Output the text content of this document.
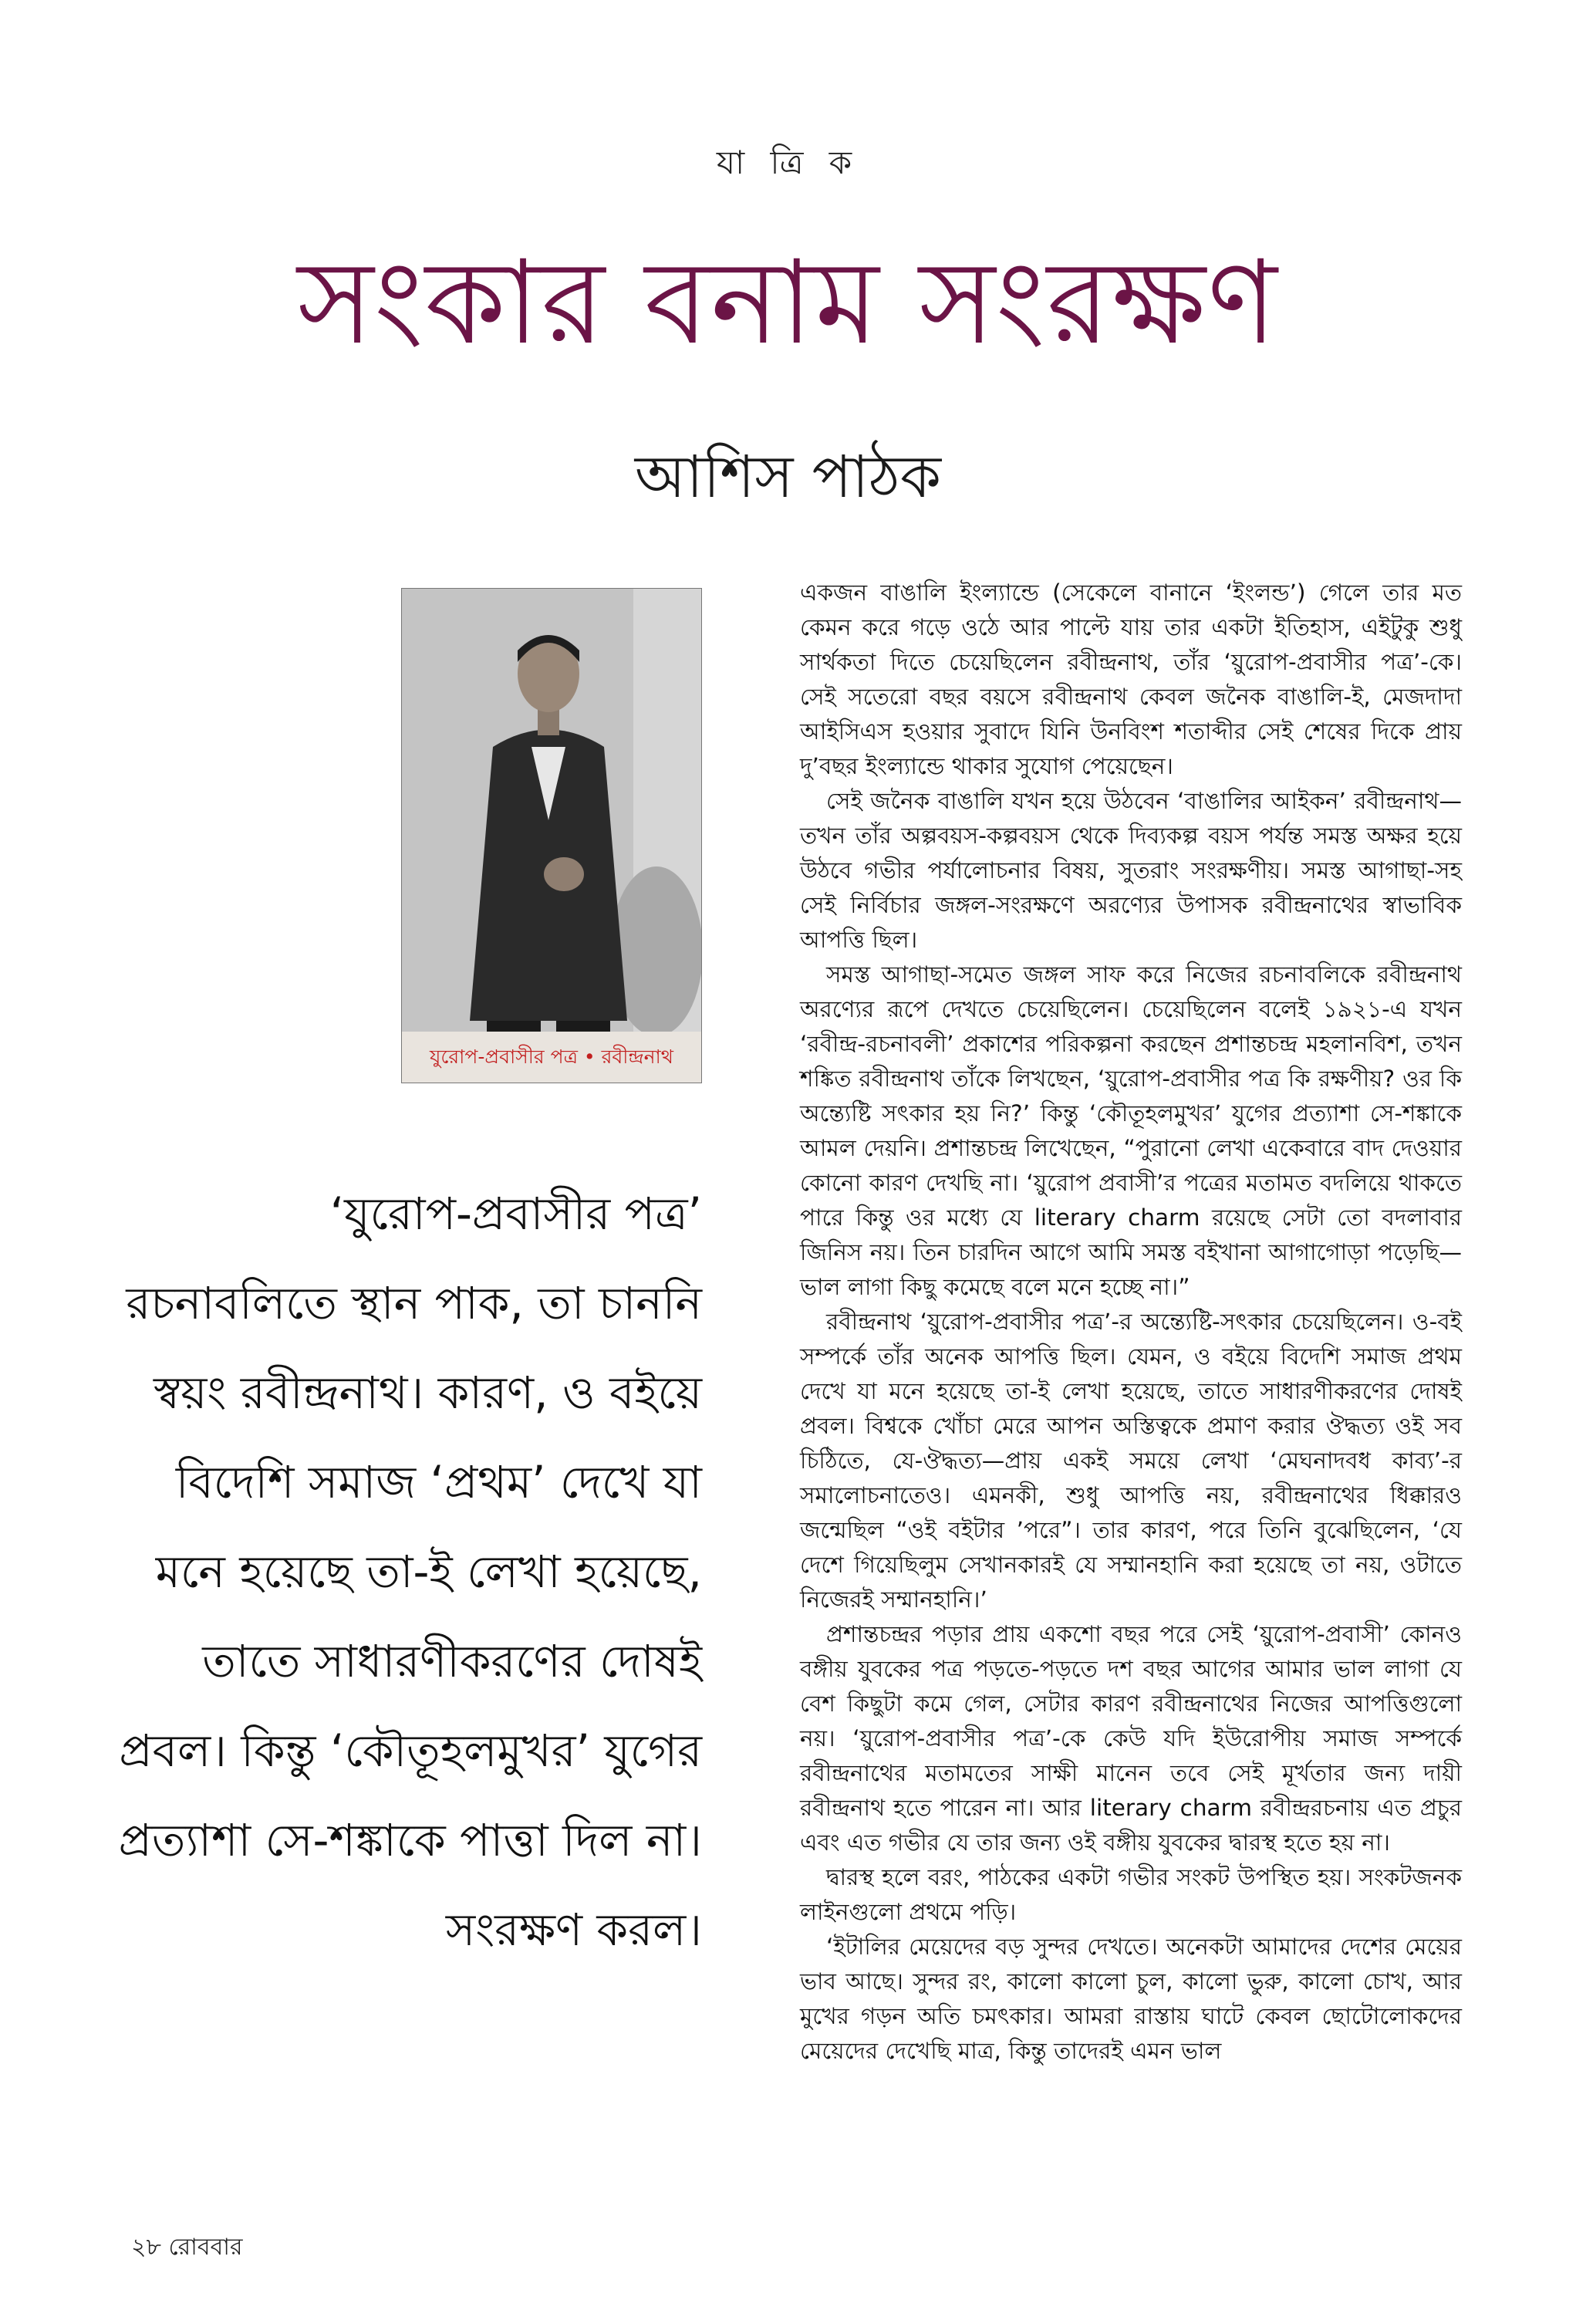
যা ত্রি ক
সংকার বনাম সংরক্ষণ
আশিস পাঠক
যুরোপ-প্রবাসীর পত্র • রবীন্দ্রনাথ

‘যুরোপ-প্রবাসীর পত্র’ রচনাবলিতে স্থান পাক, তা চাননি স্বয়ং রবীন্দ্রনাথ। কারণ, ও বইয়ে বিদেশি সমাজ ‘প্রথম’ দেখে যা মনে হয়েছে তা-ই লেখা হয়েছে, তাতে সাধারণীকরণের দোষই প্রবল। কিন্তু ‘কৌতূহলমুখর’ যুগের প্রত্যাশা সে-শঙ্কাকে পাত্তা দিল না। সংরক্ষণ করল।

একজন বাঙালি ইংল্যান্ডে (সেকেলে বানানে ‘ইংলন্ড’) গেলে তার মত কেমন করে গড়ে ওঠে আর পাল্টে যায় তার একটা ইতিহাস, এইটুকু শুধু সার্থকতা দিতে চেয়েছিলেন রবীন্দ্রনাথ, তাঁর ‘য়ুরোপ-প্রবাসীর পত্র’-কে। সেই সতেরো বছর বয়সে রবীন্দ্রনাথ কেবল জনৈক বাঙালি-ই, মেজদাদা আইসিএস হওয়ার সুবাদে যিনি উনবিংশ শতাব্দীর সেই শেষের দিকে প্রায় দু’বছর ইংল্যান্ডে থাকার সুযোগ পেয়েছেন।

সেই জনৈক বাঙালি যখন হয়ে উঠবেন ‘বাঙালির আইকন’ রবীন্দ্রনাথ—তখন তাঁর অল্পবয়স-কল্পবয়স থেকে দিব্যকল্প বয়স পর্যন্ত সমস্ত অক্ষর হয়ে উঠবে গভীর পর্যালোচনার বিষয়, সুতরাং সংরক্ষণীয়। সমস্ত আগাছা-সহ সেই নির্বিচার জঙ্গল-সংরক্ষণে অরণ্যের উপাসক রবীন্দ্রনাথের স্বাভাবিক আপত্তি ছিল।

সমস্ত আগাছা-সমেত জঙ্গল সাফ করে নিজের রচনাবলিকে রবীন্দ্রনাথ অরণ্যের রূপে দেখতে চেয়েছিলেন। চেয়েছিলেন বলেই ১৯২১-এ যখন ‘রবীন্দ্র-রচনাবলী’ প্রকাশের পরিকল্পনা করছেন প্রশান্তচন্দ্র মহলানবিশ, তখন শঙ্কিত রবীন্দ্রনাথ তাঁকে লিখছেন, ‘য়ুরোপ-প্রবাসীর পত্র কি রক্ষণীয়? ওর কি অন্ত্যেষ্টি সৎকার হয় নি?’ কিন্তু ‘কৌতূহলমুখর’ যুগের প্রত্যাশা সে-শঙ্কাকে আমল দেয়নি। প্রশান্তচন্দ্র লিখেছেন, “পুরানো লেখা একেবারে বাদ দেওয়ার কোনো কারণ দেখছি না। ‘য়ুরোপ প্রবাসী’র পত্রের মতামত বদলিয়ে থাকতে পারে কিন্তু ওর মধ্যে যে literary charm রয়েছে সেটা তো বদলাবার জিনিস নয়। তিন চারদিন আগে আমি সমস্ত বইখানা আগাগোড়া পড়েছি—ভাল লাগা কিছু কমেছে বলে মনে হচ্ছে না।”

রবীন্দ্রনাথ ‘য়ুরোপ-প্রবাসীর পত্র’-র অন্ত্যেষ্টি-সৎকার চেয়েছিলেন। ও-বই সম্পর্কে তাঁর অনেক আপত্তি ছিল। যেমন, ও বইয়ে বিদেশি সমাজ প্রথম দেখে যা মনে হয়েছে তা-ই লেখা হয়েছে, তাতে সাধারণীকরণের দোষই প্রবল। বিশ্বকে খোঁচা মেরে আপন অস্তিত্বকে প্রমাণ করার ঔদ্ধত্য ওই সব চিঠিতে, যে-ঔদ্ধত্য—প্রায় একই সময়ে লেখা ‘মেঘনাদবধ কাব্য’-র সমালোচনাতেও। এমনকী, শুধু আপত্তি নয়, রবীন্দ্রনাথের ধিক্কারও জন্মেছিল “ওই বইটার ’পরে”। তার কারণ, পরে তিনি বুঝেছিলেন, ‘যে দেশে গিয়েছিলুম সেখানকারই যে সম্মানহানি করা হয়েছে তা নয়, ওটাতে নিজেরই সম্মানহানি।’

প্রশান্তচন্দ্রর পড়ার প্রায় একশো বছর পরে সেই ‘য়ুরোপ-প্রবাসী’ কোনও বঙ্গীয় যুবকের পত্র পড়তে-পড়তে দশ বছর আগের আমার ভাল লাগা যে বেশ কিছুটা কমে গেল, সেটার কারণ রবীন্দ্রনাথের নিজের আপত্তিগুলো নয়। ‘য়ুরোপ-প্রবাসীর পত্র’-কে কেউ যদি ইউরোপীয় সমাজ সম্পর্কে রবীন্দ্রনাথের মতামতের সাক্ষী মানেন তবে সেই মূর্খতার জন্য দায়ী রবীন্দ্রনাথ হতে পারেন না। আর literary charm রবীন্দ্ররচনায় এত প্রচুর এবং এত গভীর যে তার জন্য ওই বঙ্গীয় যুবকের দ্বারস্থ হতে হয় না।

দ্বারস্থ হলে বরং, পাঠকের একটা গভীর সংকট উপস্থিত হয়। সংকটজনক লাইনগুলো প্রথমে পড়ি।

‘ইটালির মেয়েদের বড় সুন্দর দেখতে। অনেকটা আমাদের দেশের মেয়ের ভাব আছে। সুন্দর রং, কালো কালো চুল, কালো ভুরু, কালো চোখ, আর মুখের গড়ন অতি চমৎকার। আমরা রাস্তায় ঘাটে কেবল ছোটোলোকদের মেয়েদের দেখেছি মাত্র, কিন্তু তাদেরই এমন ভাল

২৮ রোববার
